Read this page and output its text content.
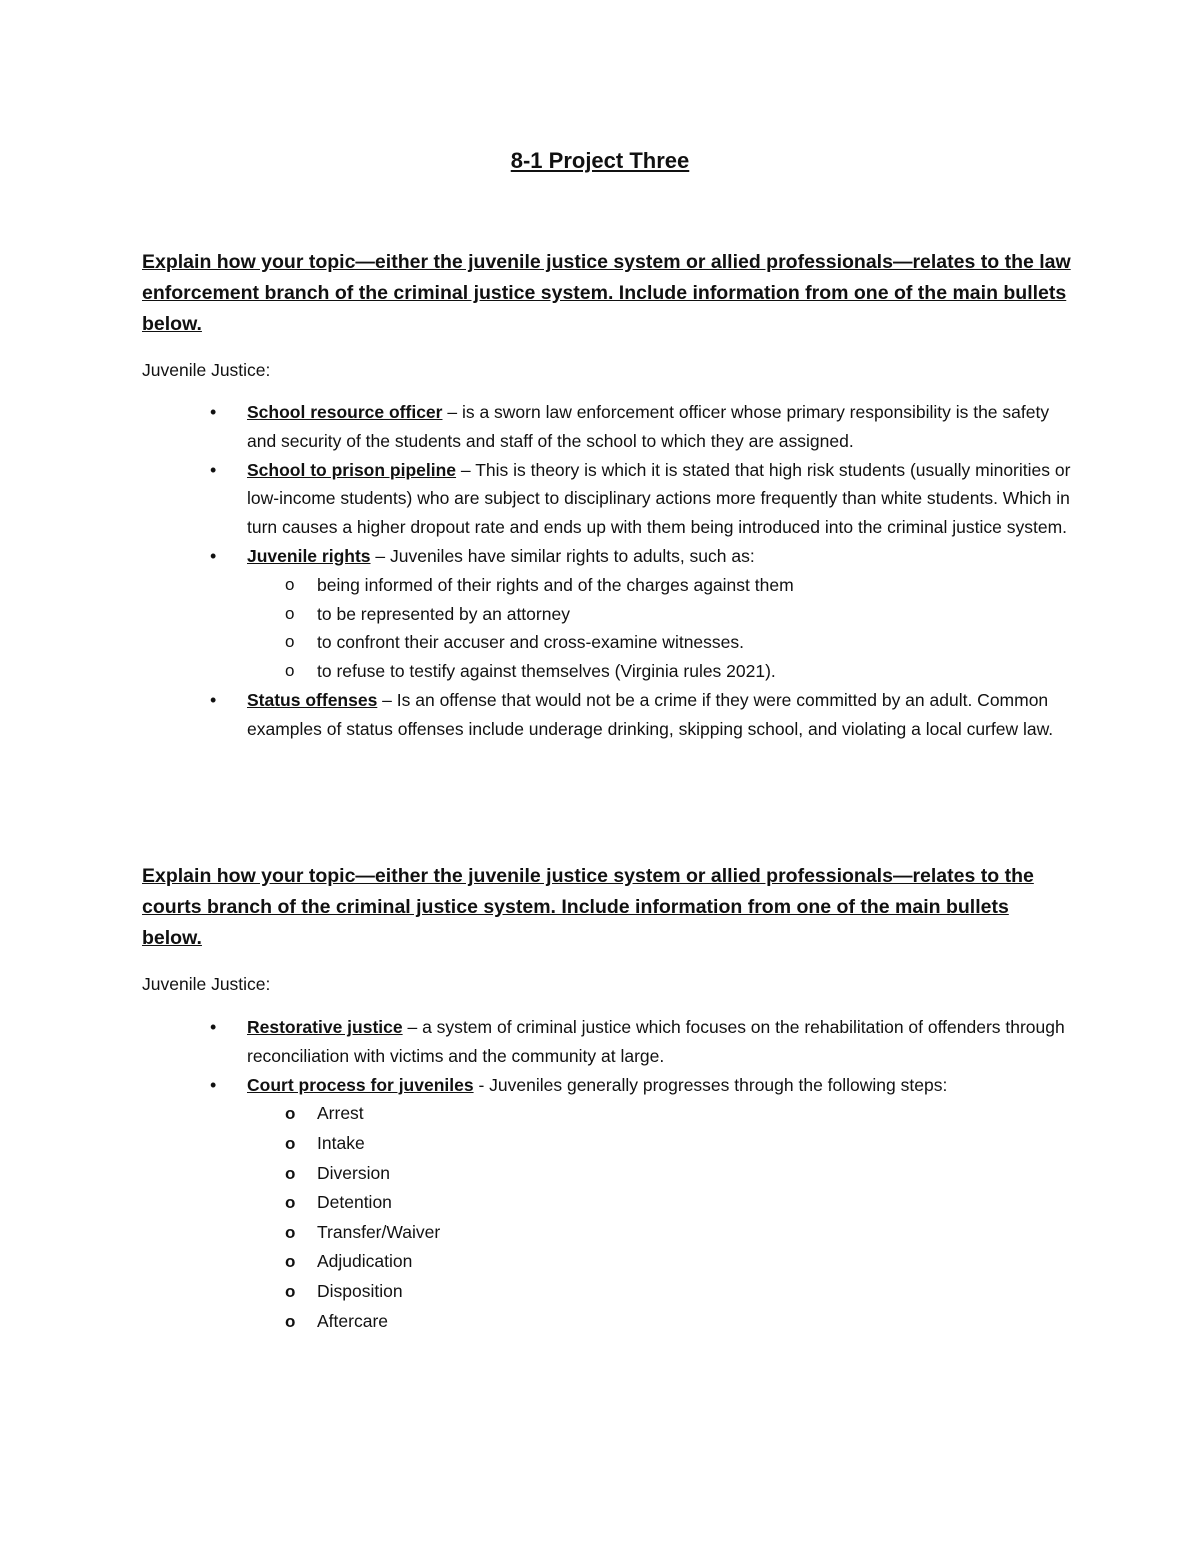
8-1 Project Three
Explain how your topic—either the juvenile justice system or allied professionals—relates to the law enforcement branch of the criminal justice system. Include information from one of the main bullets below.
Juvenile Justice:
•	School resource officer – is a sworn law enforcement officer whose primary responsibility is the safety and security of the students and staff of the school to which they are assigned.
•	School to prison pipeline – This is theory is which it is stated that high risk students (usually minorities or low-income students) who are subject to disciplinary actions more frequently than white students. Which in turn causes a higher dropout rate and ends up with them being introduced into the criminal justice system.
•	Juvenile rights – Juveniles have similar rights to adults, such as:
o being informed of their rights and of the charges against them
o to be represented by an attorney
o to confront their accuser and cross-examine witnesses.
o to refuse to testify against themselves (Virginia rules 2021).
•	Status offenses – Is an offense that would not be a crime if they were committed by an adult. Common examples of status offenses include underage drinking, skipping school, and violating a local curfew law.
Explain how your topic—either the juvenile justice system or allied professionals—relates to the courts branch of the criminal justice system. Include information from one of the main bullets below.
Juvenile Justice:
•	Restorative justice – a system of criminal justice which focuses on the rehabilitation of offenders through reconciliation with victims and the community at large.
•	Court process for juveniles - Juveniles generally progresses through the following steps:
o Arrest
o Intake
o Diversion
o Detention
o Transfer/Waiver
o Adjudication
o Disposition
o Aftercare
